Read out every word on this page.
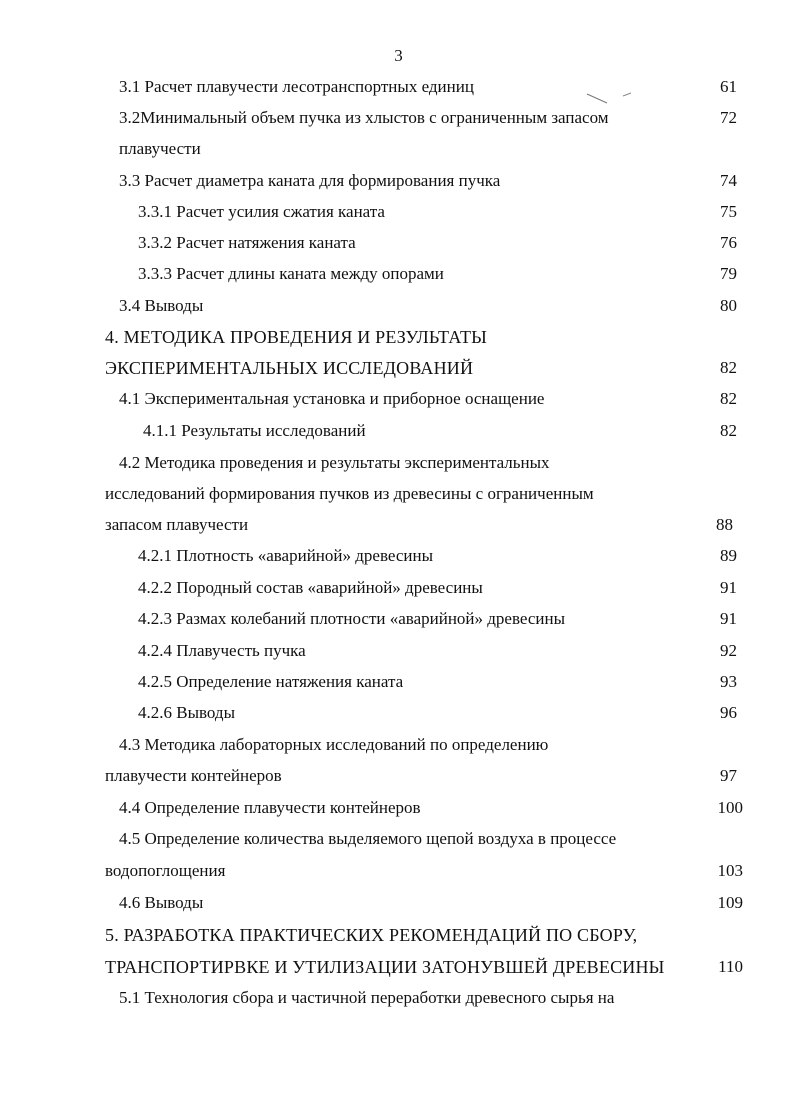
3
3.1 Расчет плавучести лесотранспортных единиц	61
3.2Минимальный объем пучка из хлыстов с ограниченным запасом	72
плавучести
3.3 Расчет диаметра каната для формирования пучка	74
3.3.1 Расчет усилия сжатия каната	75
3.3.2 Расчет натяжения каната	76
3.3.3 Расчет длины каната между опорами	79
3.4 Выводы	80
4. МЕТОДИКА ПРОВЕДЕНИЯ И РЕЗУЛЬТАТЫ
ЭКСПЕРИМЕНТАЛЬНЫХ ИССЛЕДОВАНИЙ	82
4.1 Экспериментальная установка и приборное оснащение	82
4.1.1 Результаты исследований	82
4.2 Методика проведения и результаты экспериментальных
исследований формирования пучков из древесины с ограниченным
запасом плавучести	88
4.2.1 Плотность «аварийной» древесины	89
4.2.2 Породный состав «аварийной» древесины	91
4.2.3 Размах колебаний плотности «аварийной» древесины	91
4.2.4 Плавучесть пучка	92
4.2.5 Определение натяжения каната	93
4.2.6 Выводы	96
4.3 Методика лабораторных исследований по определению
плавучести контейнеров	97
4.4 Определение плавучести контейнеров	100
4.5 Определение количества выделяемого щепой воздуха в процессе
водопоглощения	103
4.6 Выводы	109
5. РАЗРАБОТКА ПРАКТИЧЕСКИХ РЕКОМЕНДАЦИЙ ПО СБОРУ,
ТРАНСПОРТИРВКЕ И УТИЛИЗАЦИИ ЗАТОНУВШЕЙ ДРЕВЕСИНЫ	110
5.1 Технология сбора и частичной переработки древесного сырья на
